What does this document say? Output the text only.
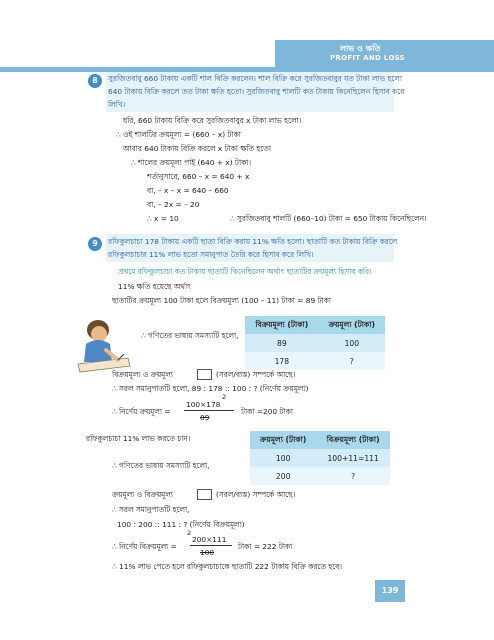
লাভ ও ক্ষতি
PROFIT AND LOSS
8	সুরজিতবাবু 660 টাকায় একটি শাল বিক্রি করলেন। শাল বিক্রি করে সুরজিতবাবুর যত টাকা লাভ হলো
640 টাকায় বিক্রি করলে তত টাকা ক্ষতি হতো। সুরজিতবাবু শালটি কত টাকায় কিনেছিলেন হিসাব করে
লিখি।
ধরি, 660 টাকায় বিক্রি করে সুরজিতবাবুর x টাকা লাভ হলো।
∴ ওই শালটির ক্রয়মূল্য = (660 – x) টাকা
আবার 640 টাকায় বিক্রি করলে x টাকা ক্ষতি হতো
∴ শালের ক্রয়মূল্য পাই (640 + x) টাকা।
শর্তানুসারে, 660 – x = 640 + x
বা, – x – x = 640 – 660
বা, – 2x = – 20
∴ x = 10	∴ সুরজিতবাবু শালটি (660–10) টাকা = 650 টাকায় কিনেছিলেন।
9	রফিকুলচাচা 178 টাকায় একটি ছাতা বিক্রি করায় 11% ক্ষতি হলো। ছাতাটি কত টাকায় বিক্রি করলে
রফিকুলচাচার 11% লাভ হতো সমানুপাত তৈরি করে হিসাব করে লিখি।
প্রথমে রফিকুলচাচা কত টাকায় ছাতাটি কিনেছিলেন অর্থাৎ ছাতাটির ক্রয়মূল্য হিসাব করি।
11% ক্ষতি হয়েছে অর্থাৎ
ছাতাটির ক্রয়মূল্য 100 টাকা হলে বিক্রয়মূল্য (100 – 11) টাকা = 89 টাকা
∴ গণিতের ভাষায় সমস্যাটি হলো,
বিক্রয়মূল্য (টাকা)	ক্রয়মূল্য (টাকা)
89	100
178	?
বিক্রয়মূল্য ও ক্রয়মূল্য	(সরল/ব্যস্ত) সম্পর্কে আছে।
∴ সরল সমানুপাতটি হলো, 89 : 178 :: 100 : ? (নির্ণেয় ক্রয়মূল্য)
∴ নির্ণেয় ক্রয়মূল্য =
100×178
2
89
টাকা =200 টাকা
রফিকুলচাচা 11% লাভ করতে চান।
∴ গণিতের ভাষায় সমস্যাটি হলো,
ক্রয়মূল্য (টাকা)	বিক্রয়মূল্য (টাকা)
100	100+11=111
200	?
ক্রয়মূল্য ও বিক্রয়মূল্য	(সরল/ব্যস্ত) সম্পর্কে আছে।
∴ সরল সমানুপাতটি হলো,
100 : 200 :: 111 : ? (নির্ণেয় বিক্রয়মূল্য)
∴ নির্ণেয় বিক্রয়মূল্য =
2
200×111
100
টাকা = 222 টাকা
∴ 11% লাভ পেতে হলে রফিকুলচাচাকে ছাতাটি 222 টাকায় বিক্রি করতে হবে।
139
